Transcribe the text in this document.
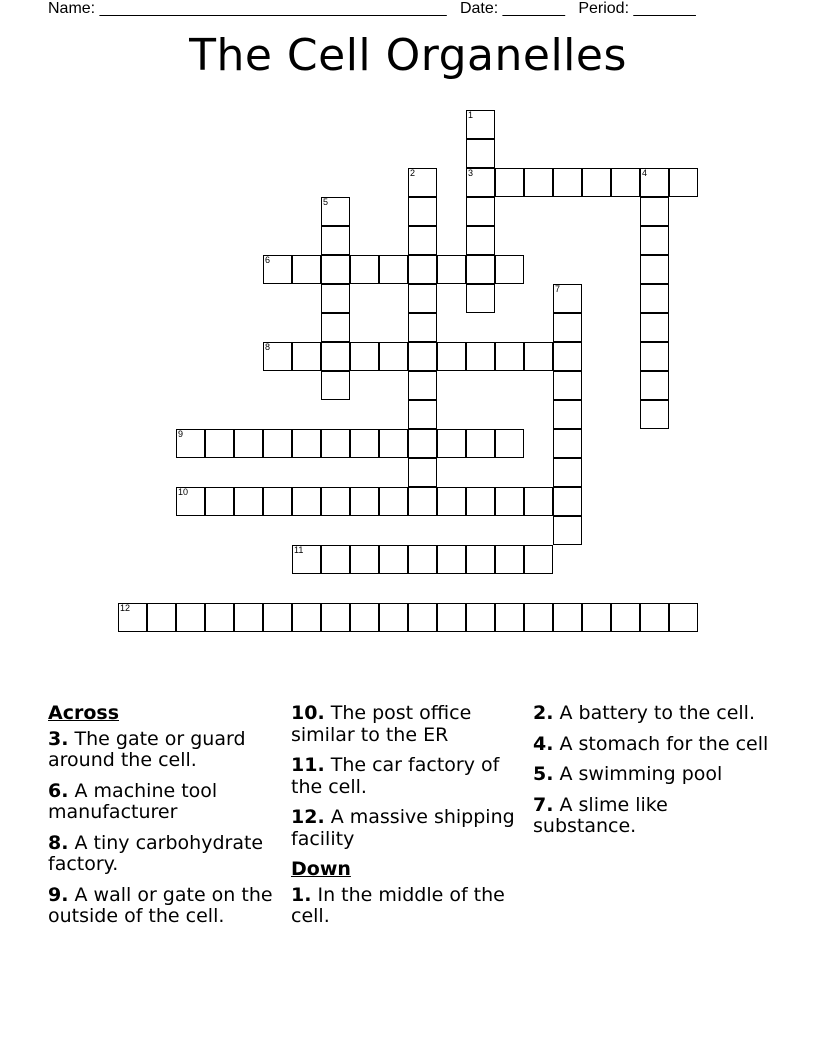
Name: _______________________________________ Date: _______ Period: _______
The Cell Organelles
1
3
2	4
5
6
7
8
9
10
11
12
Across
3. The gate or guard around the cell.
6. A machine tool manufacturer
8. A tiny carbohydrate factory.
9. A wall or gate on the outside of the cell.
10. The post office similar to the ER
11. The car factory of the cell.
12. A massive shipping facility
Down
1. In the middle of the cell.
2. A battery to the cell.
4. A stomach for the cell
5. A swimming pool
7. A slime like substance.
